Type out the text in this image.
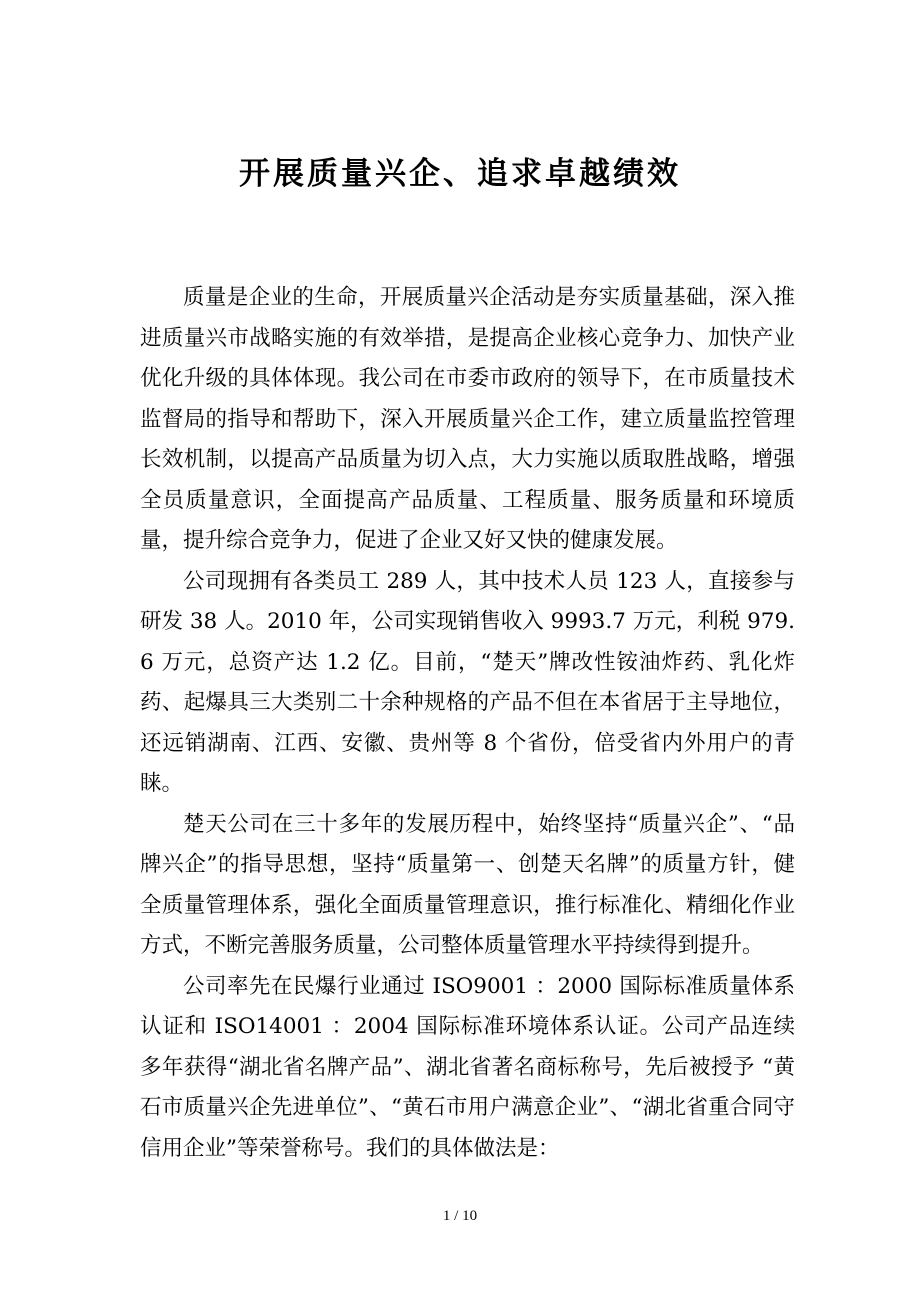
开展质量兴企、追求卓越绩效

质量是企业的生命，开展质量兴企活动是夯实质量基础，深入推进质量兴市战略实施的有效举措，是提高企业核心竞争力、加快产业优化升级的具体体现。我公司在市委市政府的领导下，在市质量技术监督局的指导和帮助下，深入开展质量兴企工作，建立质量监控管理长效机制，以提高产品质量为切入点，大力实施以质取胜战略，增强全员质量意识，全面提高产品质量、工程质量、服务质量和环境质量，提升综合竞争力，促进了企业又好又快的健康发展。

公司现拥有各类员工 289 人，其中技术人员 123 人，直接参与研发 38 人。2010 年，公司实现销售收入 9993.7 万元，利税 979.6 万元，总资产达 1.2 亿。目前，“楚天”牌改性铵油炸药、乳化炸药、起爆具三大类别二十余种规格的产品不但在本省居于主导地位，还远销湖南、江西、安徽、贵州等 8 个省份，倍受省内外用户的青睐。

楚天公司在三十多年的发展历程中，始终坚持“质量兴企”、“品牌兴企”的指导思想，坚持“质量第一、创楚天名牌”的质量方针，健全质量管理体系，强化全面质量管理意识，推行标准化、精细化作业方式，不断完善服务质量，公司整体质量管理水平持续得到提升。

公司率先在民爆行业通过 ISO9001 ：2000 国际标准质量体系认证和 ISO14001 ：2004 国际标准环境体系认证。公司产品连续多年获得“湖北省名牌产品”、湖北省著名商标称号，先后被授予 “黄石市质量兴企先进单位”、“黄石市用户满意企业”、“湖北省重合同守信用企业”等荣誉称号。我们的具体做法是：

1 / 10
